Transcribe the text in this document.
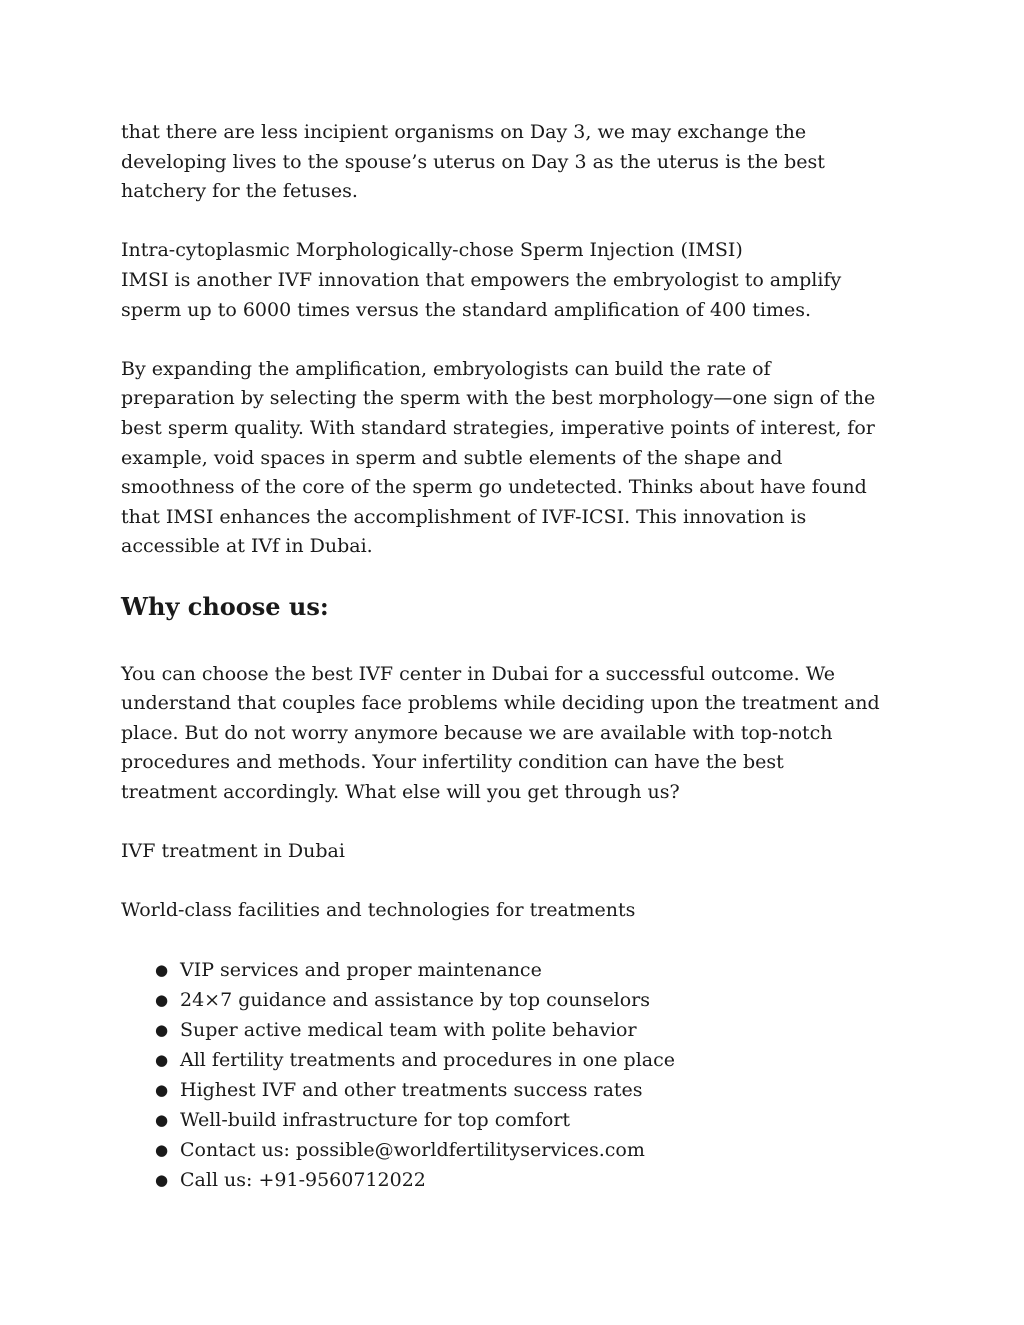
that there are less incipient organisms on Day 3, we may exchange the
developing lives to the spouse’s uterus on Day 3 as the uterus is the best
hatchery for the fetuses.

Intra-cytoplasmic Morphologically-chose Sperm Injection (IMSI)
IMSI is another IVF innovation that empowers the embryologist to amplify
sperm up to 6000 times versus the standard amplification of 400 times.

By expanding the amplification, embryologists can build the rate of
preparation by selecting the sperm with the best morphology—one sign of the
best sperm quality. With standard strategies, imperative points of interest, for
example, void spaces in sperm and subtle elements of the shape and
smoothness of the core of the sperm go undetected. Thinks about have found
that IMSI enhances the accomplishment of IVF-ICSI. This innovation is
accessible at IVf in Dubai.

Why choose us:

You can choose the best IVF center in Dubai for a successful outcome. We
understand that couples face problems while deciding upon the treatment and
place. But do not worry anymore because we are available with top-notch
procedures and methods. Your infertility condition can have the best
treatment accordingly. What else will you get through us?

IVF treatment in Dubai

World-class facilities and technologies for treatments

● VIP services and proper maintenance
● 24×7 guidance and assistance by top counselors
● Super active medical team with polite behavior
● All fertility treatments and procedures in one place
● Highest IVF and other treatments success rates
● Well-build infrastructure for top comfort
● Contact us: possible@worldfertilityservices.com
● Call us: +91-9560712022
